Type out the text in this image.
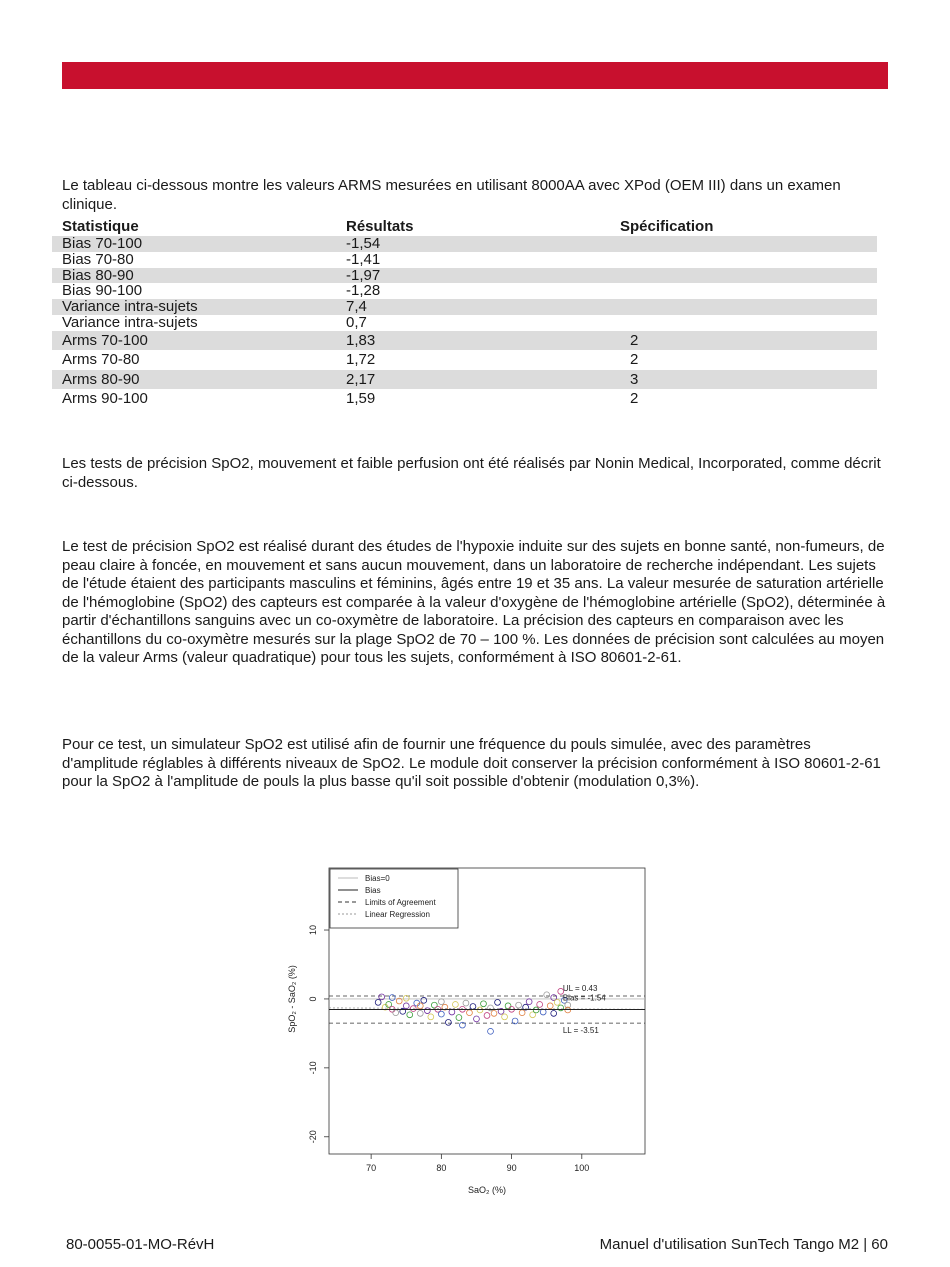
Le tableau ci-dessous montre les valeurs ARMS mesurées en utilisant 8000AA avec XPod (OEM III) dans un examen clinique.

Statistique	Résultats	Spécification
Bias 70-100	-1,54	
Bias 70-80	-1,41	
Bias 80-90	-1,97	
Bias 90-100	-1,28	
Variance intra-sujets	7,4	
Variance intra-sujets	0,7	
Arms 70-100	1,83	2
Arms 70-80	1,72	2
Arms 80-90	2,17	3
Arms 90-100	1,59	2

Les tests de précision SpO2, mouvement et faible perfusion ont été réalisés par Nonin Medical, Incorporated, comme décrit ci-dessous.

Le test de précision SpO2 est réalisé durant des études de l'hypoxie induite sur des sujets en bonne santé, non-fumeurs, de peau claire à foncée, en mouvement et sans aucun mouvement, dans un laboratoire de recherche indépendant. Les sujets de l'étude étaient des participants masculins et féminins, âgés entre 19 et 35 ans. La valeur mesurée de saturation artérielle de l'hémoglobine (SpO2) des capteurs est comparée à la valeur d'oxygène de l'hémoglobine artérielle (SpO2), déterminée à partir d'échantillons sanguins avec un co-oxymètre de laboratoire. La précision des capteurs en comparaison avec les échantillons du co-oxymètre mesurés sur la plage SpO2 de 70 – 100 %. Les données de précision sont calculées au moyen de la valeur Arms (valeur quadratique) pour tous les sujets, conformément à ISO 80601-2-61.

Pour ce test, un simulateur SpO2 est utilisé afin de fournir une fréquence du pouls simulée, avec des paramètres d'amplitude réglables à différents niveaux de SpO2. Le module doit conserver la précision conformément à ISO 80601-2-61 pour la SpO2 à l'amplitude de pouls la plus basse qu'il soit possible d'obtenir (modulation 0,3%).

70	80	90	100
-20
-10
0
10
SaO₂ (%)
SpO₂ - SaO₂ (%)	UL = 0.43
Bias = -1.54
LL = -3.51
Bias=0
Bias
Limits of Agreement
Linear Regression
80-0055-01-MO-RévH	Manuel d'utilisation SunTech Tango M2 | 60
